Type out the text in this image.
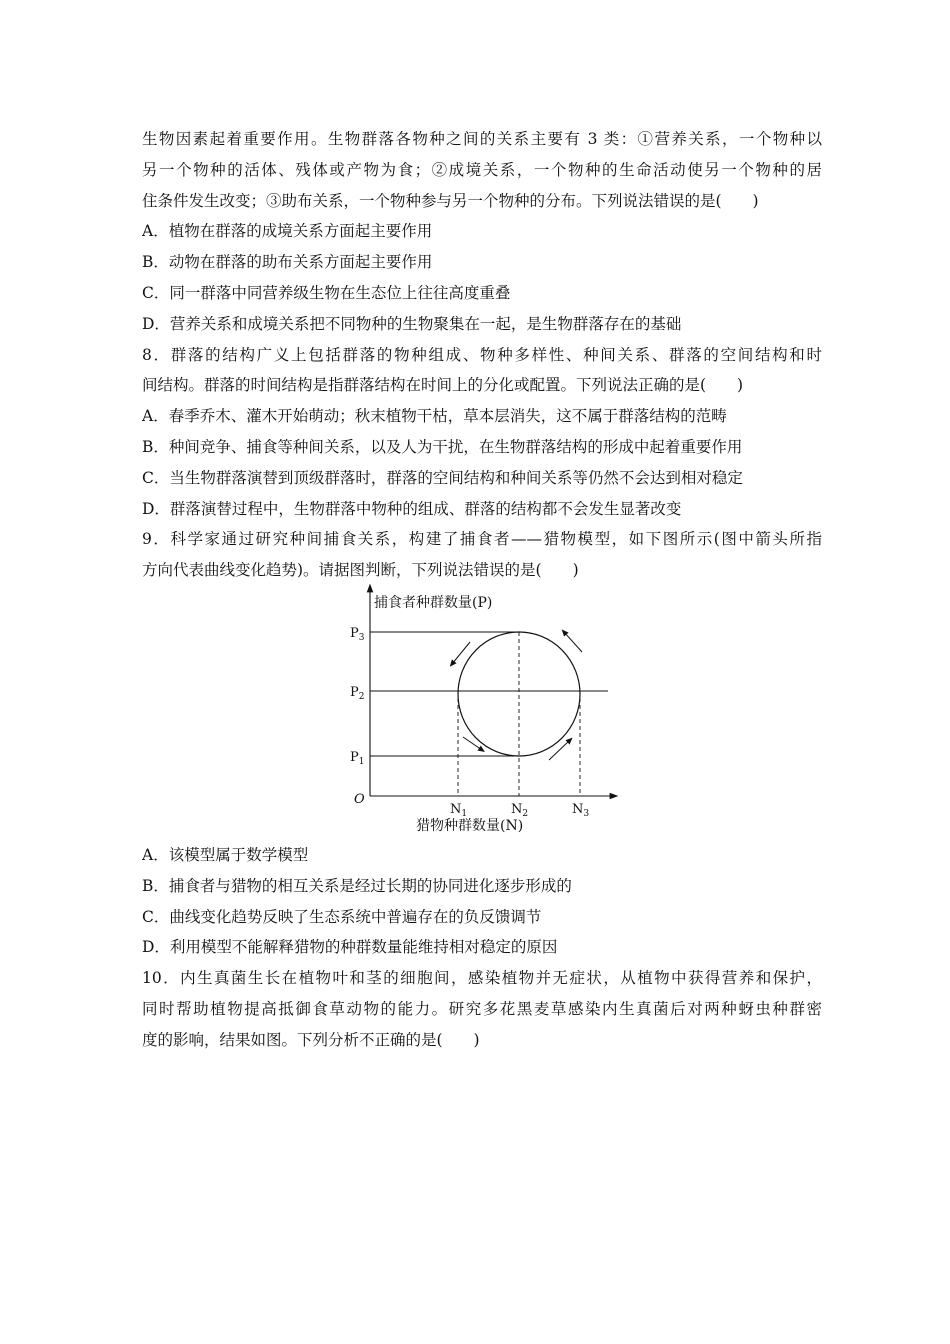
生物因素起着重要作用。生物群落各物种之间的关系主要有 3 类：①营养关系，一个物种以
另一个物种的活体、残体或产物为食；②成境关系，一个物种的生命活动使另一个物种的居
住条件发生改变；③助布关系，一个物种参与另一个物种的分布。下列说法错误的是(　　)
A．植物在群落的成境关系方面起主要作用
B．动物在群落的助布关系方面起主要作用
C．同一群落中同营养级生物在生态位上往往高度重叠
D．营养关系和成境关系把不同物种的生物聚集在一起，是生物群落存在的基础
8．群落的结构广义上包括群落的物种组成、物种多样性、种间关系、群落的空间结构和时
间结构。群落的时间结构是指群落结构在时间上的分化或配置。下列说法正确的是(　　)
A．春季乔木、灌木开始萌动；秋末植物干枯，草本层消失，这不属于群落结构的范畴
B．种间竞争、捕食等种间关系，以及人为干扰，在生物群落结构的形成中起着重要作用
C．当生物群落演替到顶级群落时，群落的空间结构和种间关系等仍然不会达到相对稳定
D．群落演替过程中，生物群落中物种的组成、群落的结构都不会发生显著改变
9．科学家通过研究种间捕食关系，构建了捕食者——猎物模型，如下图所示(图中箭头所指
方向代表曲线变化趋势)。请据图判断，下列说法错误的是(　　)
捕食者种群数量(P)
猎物种群数量(N)
O
$P_3$
$P_2$
$P_1$
$N_1$	$N_2$	$N_3$
A．该模型属于数学模型
B．捕食者与猎物的相互关系是经过长期的协同进化逐步形成的
C．曲线变化趋势反映了生态系统中普遍存在的负反馈调节
D．利用模型不能解释猎物的种群数量能维持相对稳定的原因
10．内生真菌生长在植物叶和茎的细胞间，感染植物并无症状，从植物中获得营养和保护，
同时帮助植物提高抵御食草动物的能力。研究多花黑麦草感染内生真菌后对两种蚜虫种群密
度的影响，结果如图。下列分析不正确的是(　　)
